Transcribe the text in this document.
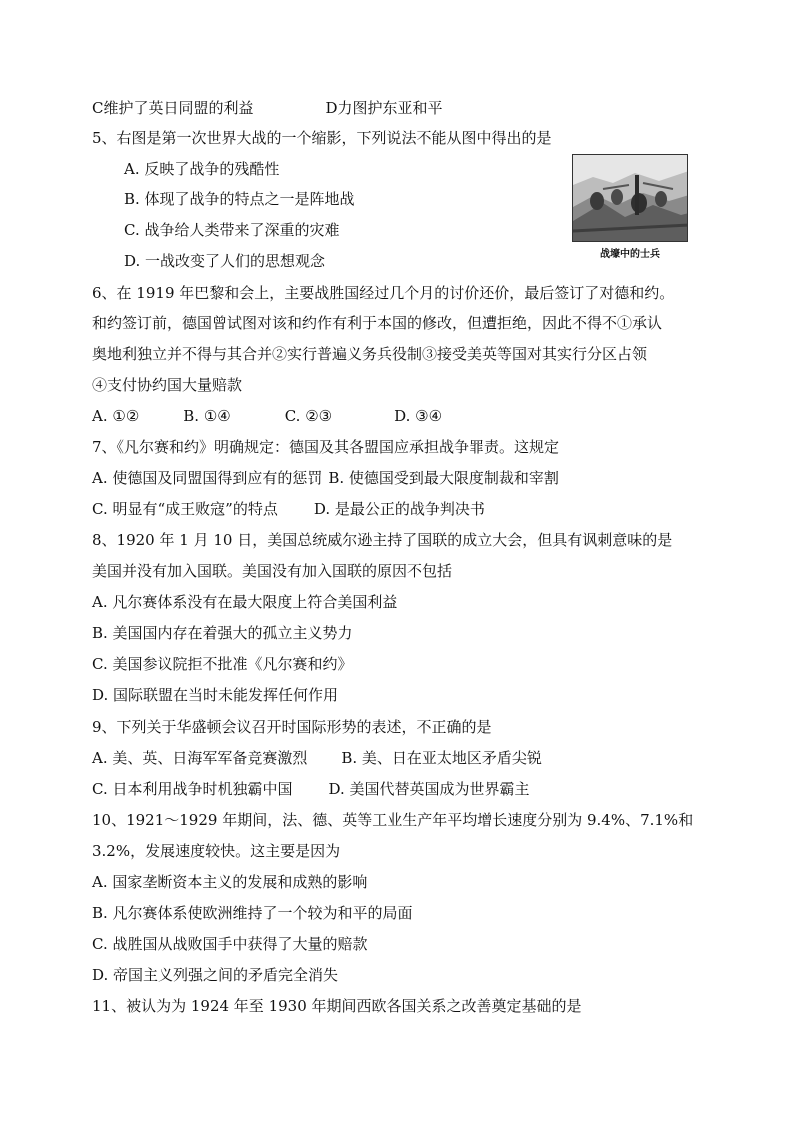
C维护了英日同盟的利益	D力图护东亚和平
5、右图是第一次世界大战的一个缩影，下列说法不能从图中得出的是
A. 反映了战争的残酷性
B. 体现了战争的特点之一是阵地战
C. 战争给人类带来了深重的灾难
D. 一战改变了人们的思想观念	战壕中的士兵
6、在 1919 年巴黎和会上，主要战胜国经过几个月的讨价还价，最后签订了对德和约。
和约签订前，德国曾试图对该和约作有利于本国的修改，但遭拒绝，因此不得不①承认
奥地利独立并不得与其合并②实行普遍义务兵役制③接受美英等国对其实行分区占领
④支付协约国大量赔款
A. ①②	B. ①④	C. ②③	D. ③④
7、《凡尔赛和约》明确规定：德国及其各盟国应承担战争罪责。这规定
A. 使德国及同盟国得到应有的惩罚 B. 使德国受到最大限度制裁和宰割
C. 明显有“成王败寇”的特点 D. 是最公正的战争判决书
8、1920 年 1 月 10 日，美国总统威尔逊主持了国联的成立大会，但具有讽刺意味的是
美国并没有加入国联。美国没有加入国联的原因不包括
A. 凡尔赛体系没有在最大限度上符合美国利益
B. 美国国内存在着强大的孤立主义势力
C. 美国参议院拒不批准《凡尔赛和约》
D. 国际联盟在当时未能发挥任何作用
9、下列关于华盛顿会议召开时国际形势的表述，不正确的是
A. 美、英、日海军军备竞赛激烈 B. 美、日在亚太地区矛盾尖锐
C. 日本利用战争时机独霸中国 D. 美国代替英国成为世界霸主
10、1921～1929 年期间，法、德、英等工业生产年平均增长速度分别为 9.4%、7.1%和
3.2%，发展速度较快。这主要是因为
A. 国家垄断资本主义的发展和成熟的影响
B. 凡尔赛体系使欧洲维持了一个较为和平的局面
C. 战胜国从战败国手中获得了大量的赔款
D. 帝国主义列强之间的矛盾完全消失
11、被认为为 1924 年至 1930 年期间西欧各国关系之改善奠定基础的是
